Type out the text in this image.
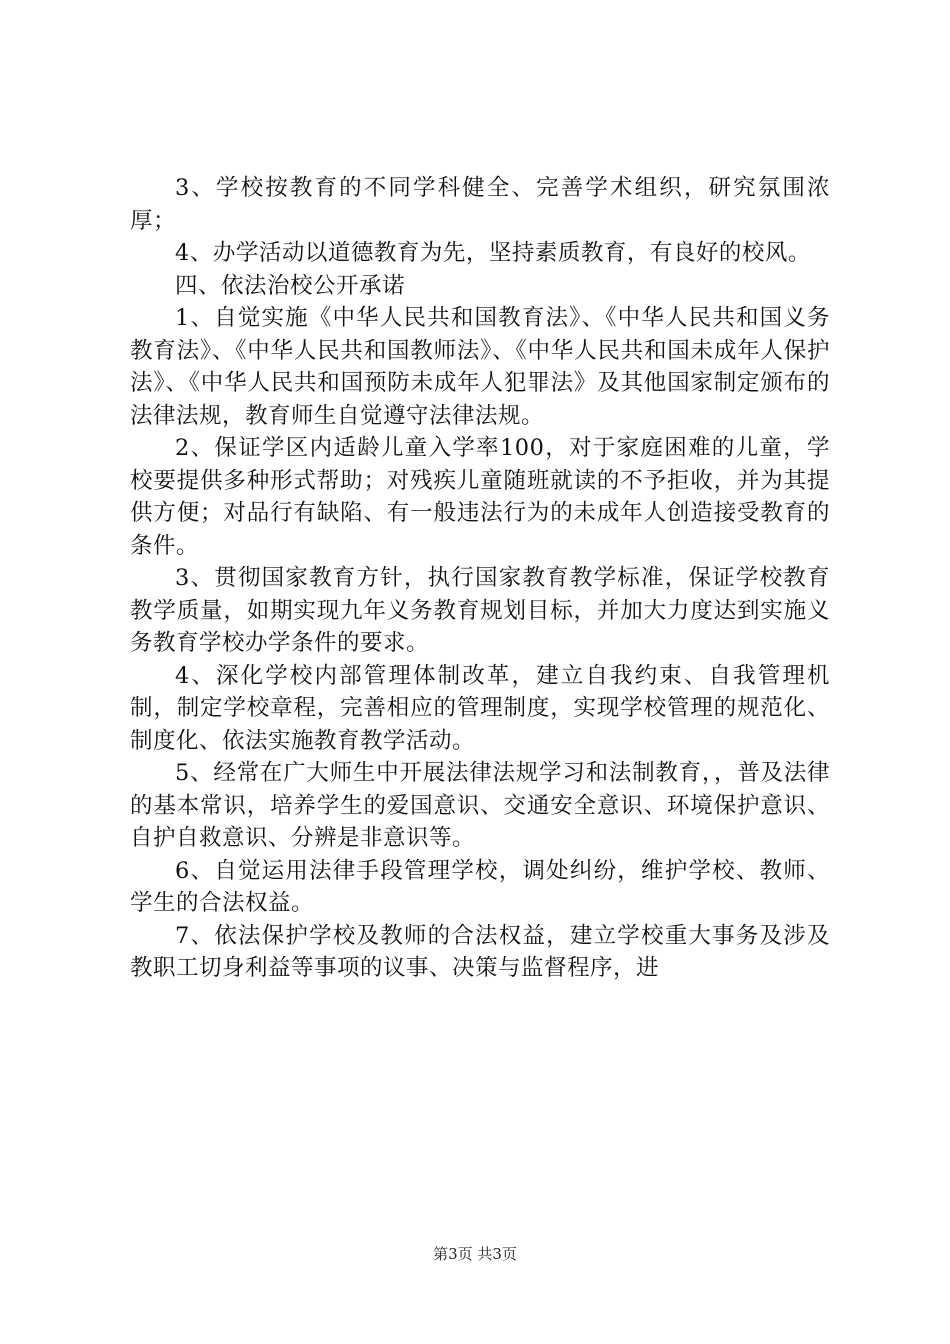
3、学校按教育的不同学科健全、完善学术组织，研究氛围浓厚；

4、办学活动以道德教育为先，坚持素质教育，有良好的校风。

四、依法治校公开承诺

1、自觉实施《中华人民共和国教育法》、《中华人民共和国义务教育法》、《中华人民共和国教师法》、《中华人民共和国未成年人保护法》、《中华人民共和国预防未成年人犯罪法》及其他国家制定颁布的法律法规，教育师生自觉遵守法律法规。

2、保证学区内适龄儿童入学率100，对于家庭困难的儿童，学校要提供多种形式帮助；对残疾儿童随班就读的不予拒收，并为其提供方便；对品行有缺陷、有一般违法行为的未成年人创造接受教育的条件。

3、贯彻国家教育方针，执行国家教育教学标准，保证学校教育教学质量，如期实现九年义务教育规划目标，并加大力度达到实施义务教育学校办学条件的要求。

4、深化学校内部管理体制改革，建立自我约束、自我管理机制，制定学校章程，完善相应的管理制度，实现学校管理的规范化、制度化、依法实施教育教学活动。

5、经常在广大师生中开展法律法规学习和法制教育，，普及法律的基本常识，培养学生的爱国意识、交通安全意识、环境保护意识、自护自救意识、分辨是非意识等。

6、自觉运用法律手段管理学校，调处纠纷，维护学校、教师、学生的合法权益。

7、依法保护学校及教师的合法权益，建立学校重大事务及涉及教职工切身利益等事项的议事、决策与监督程序，进

第3页 共3页
